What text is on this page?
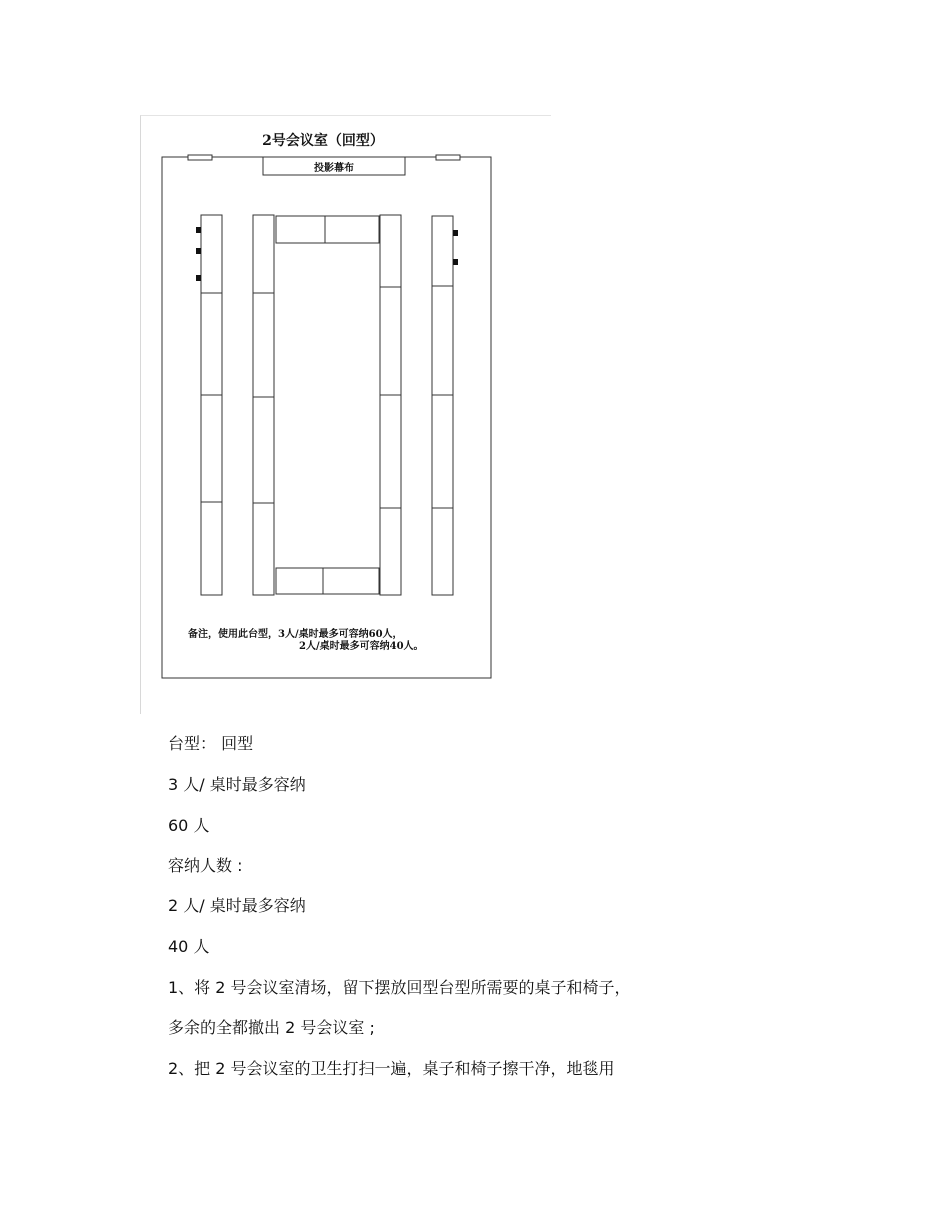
2号会议室（回型）
投影幕布
备注，使用此台型，3人/桌时最多可容纳60人，
2人/桌时最多可容纳40人。
台型： 回型
3 人/ 桌时最多容纳
60 人
容纳人数 :
2 人/ 桌时最多容纳
40 人
1、将 2 号会议室清场，留下摆放回型台型所需要的桌子和椅子，
多余的全都撤出 2 号会议室 ;
2、把 2 号会议室的卫生打扫一遍，桌子和椅子擦干净，地毯用
